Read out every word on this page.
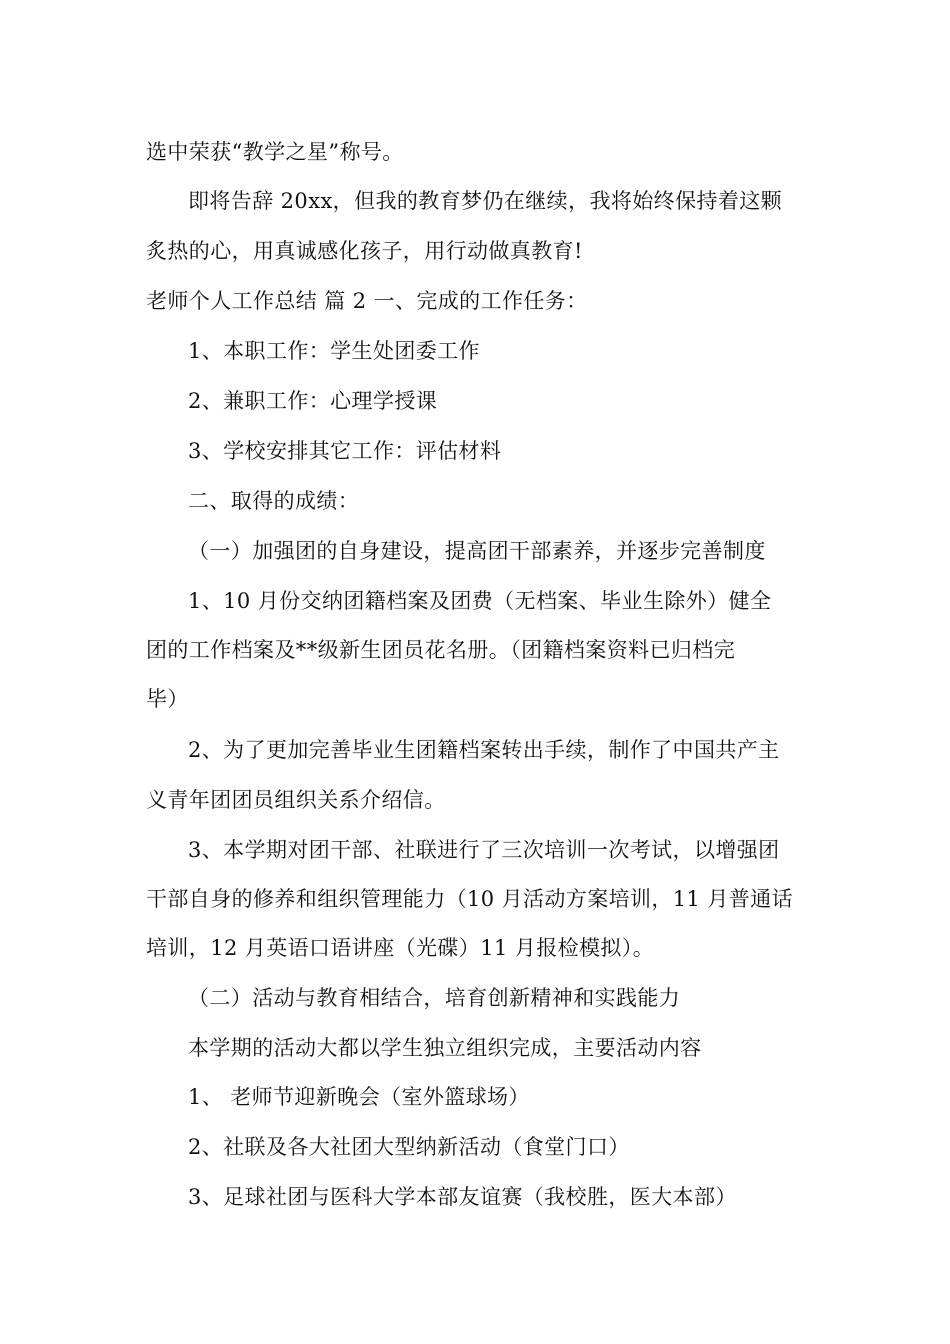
选中荣获“教学之星”称号。

即将告辞 20xx，但我的教育梦仍在继续，我将始终保持着这颗

炙热的心，用真诚感化孩子，用行动做真教育!

老师个人工作总结 篇 2 一、完成的工作任务：

1、本职工作：学生处团委工作

2、兼职工作：心理学授课

3、学校安排其它工作：评估材料

二、取得的成绩：

（一）加强团的自身建设，提高团干部素养，并逐步完善制度

1、10 月份交纳团籍档案及团费（无档案、毕业生除外）健全

团的工作档案及**级新生团员花名册。（团籍档案资料已归档完

毕）

2、为了更加完善毕业生团籍档案转出手续，制作了中国共产主

义青年团团员组织关系介绍信。

3、本学期对团干部、社联进行了三次培训一次考试，以增强团

干部自身的修养和组织管理能力（10 月活动方案培训，11 月普通话

培训，12 月英语口语讲座（光碟）11 月报检模拟）。

（二）活动与教育相结合，培育创新精神和实践能力

本学期的活动大都以学生独立组织完成，主要活动内容

1、 老师节迎新晚会（室外篮球场）

2、社联及各大社团大型纳新活动（食堂门口）

3、足球社团与医科大学本部友谊赛（我校胜，医大本部）
